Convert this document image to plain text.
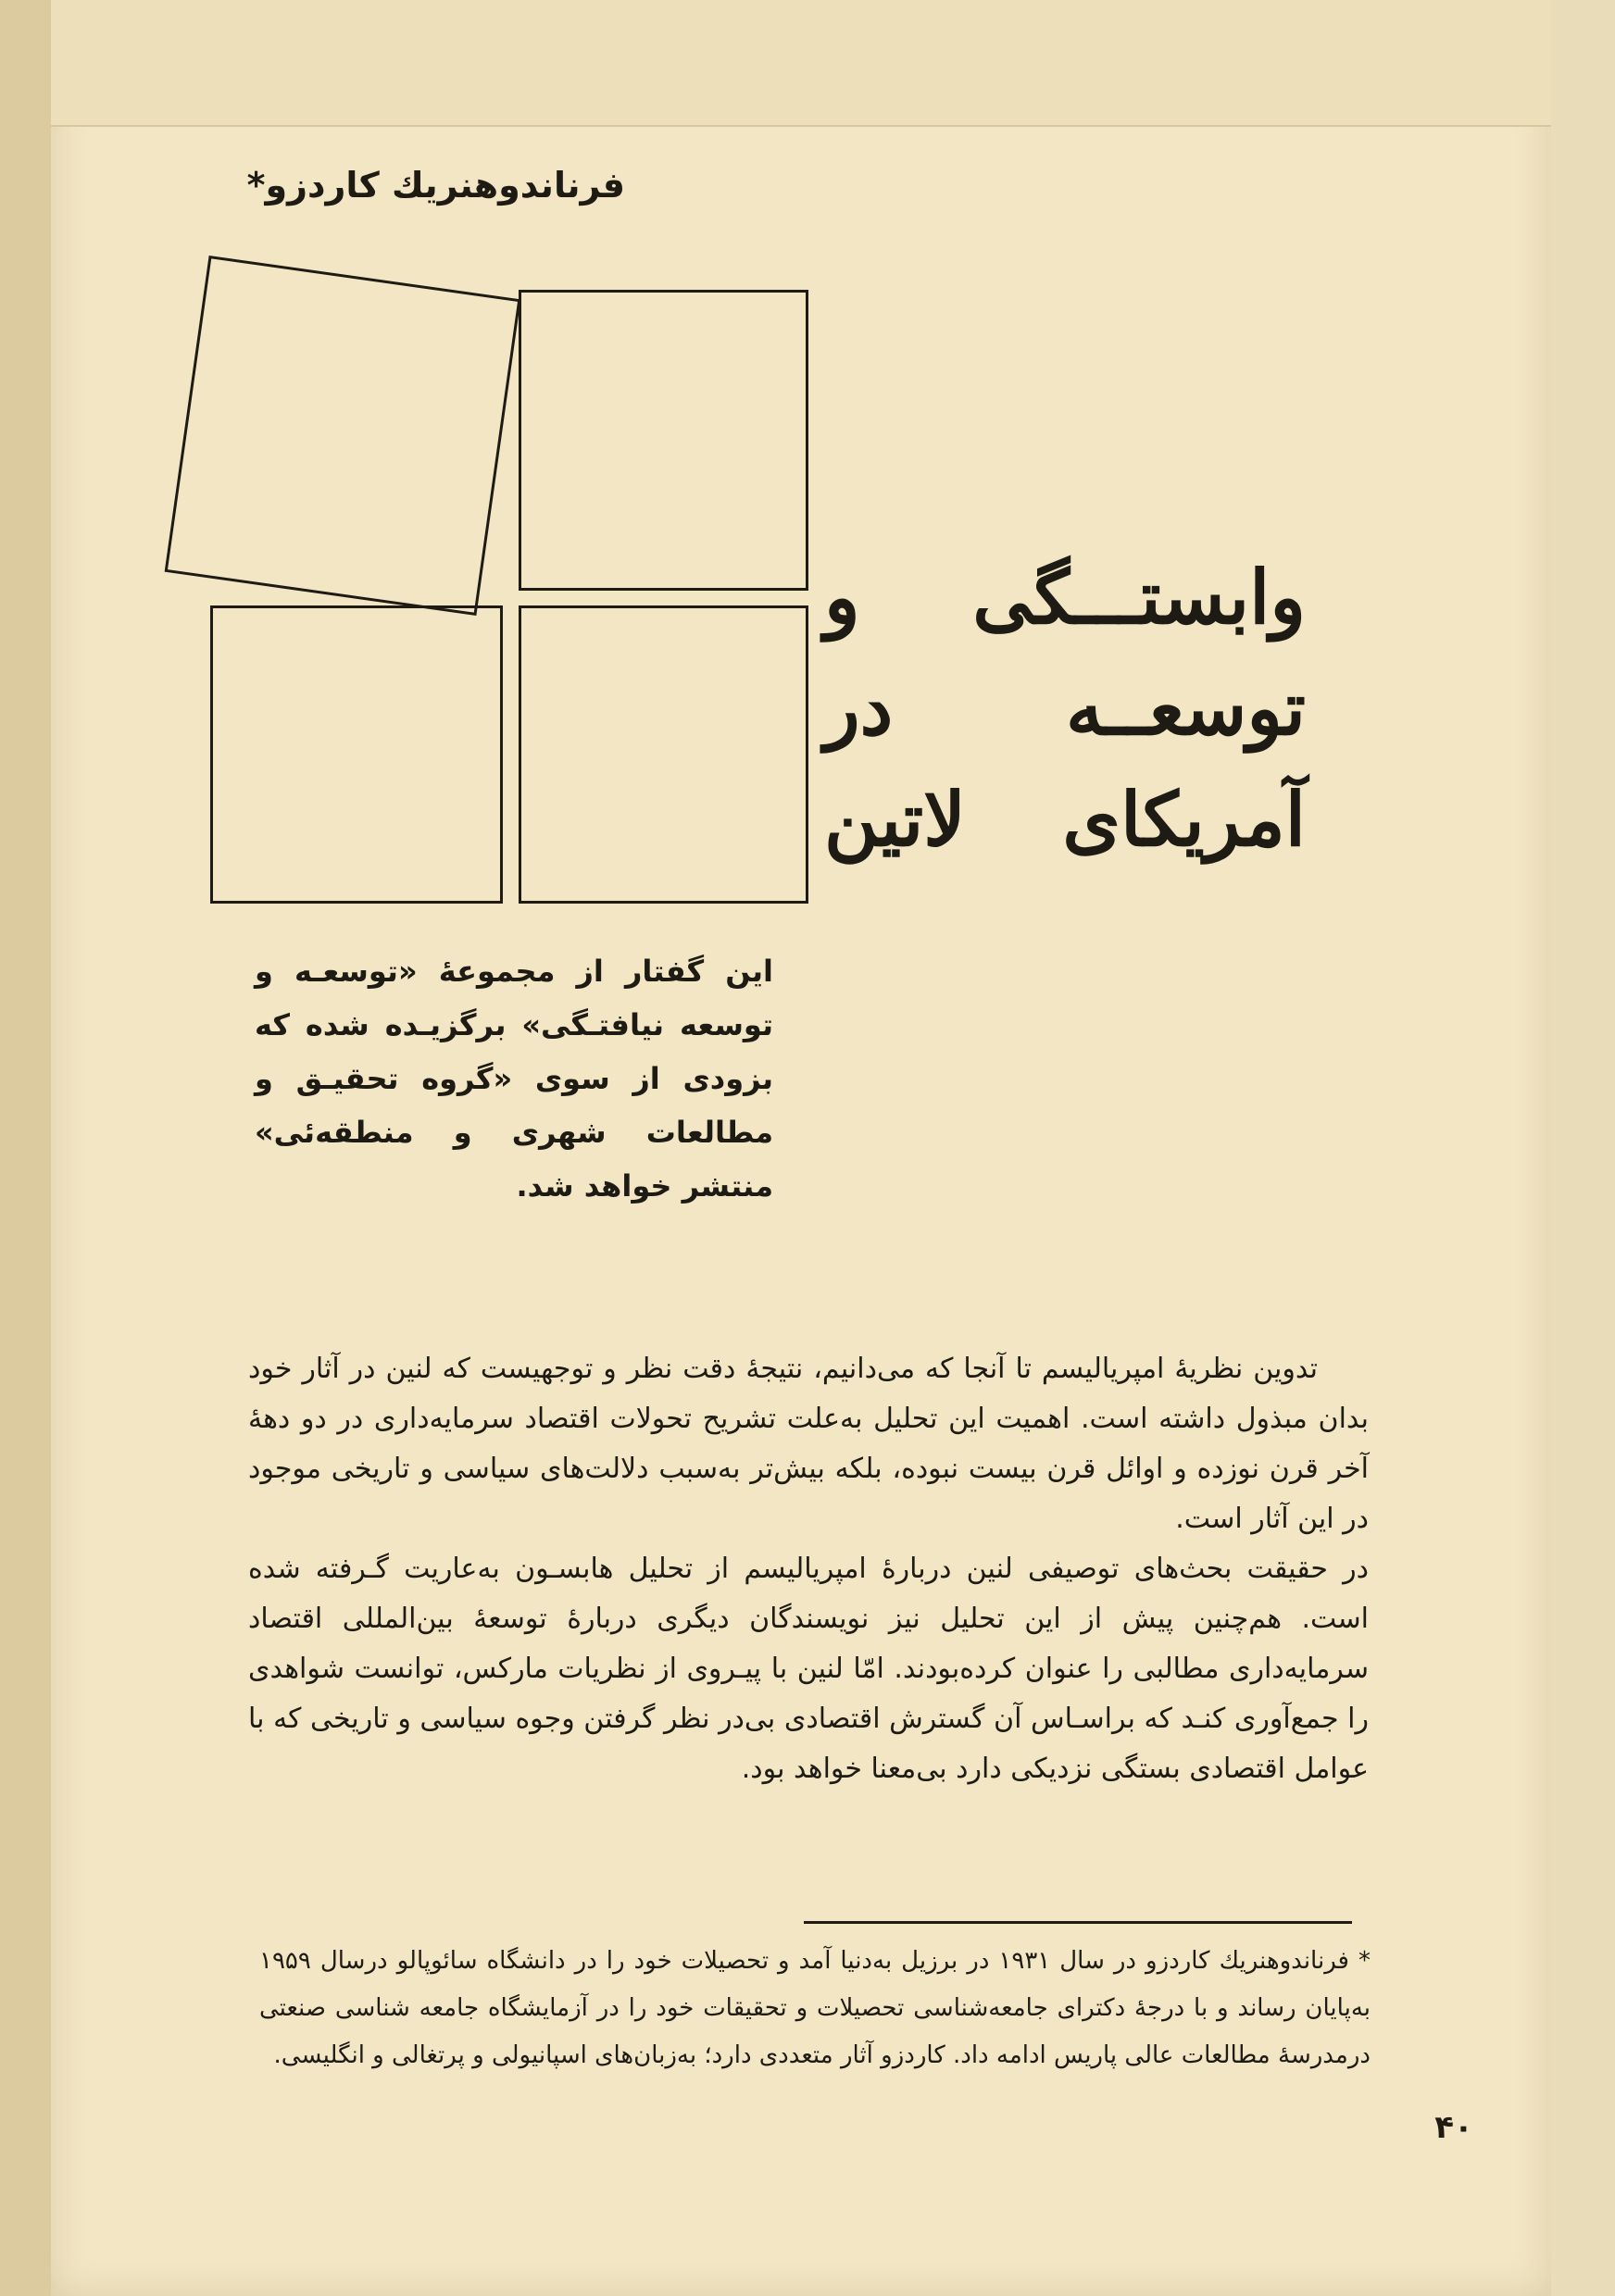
فرناندوهنریك كاردزو*
وابستـــگی و
توسعــه در
آمریکای لاتین

این گفتار از مجموعهٔ «توسعـه و توسعه نیافتـگی» برگزیـده شده که بزودی از سوی «گروه تحقیـق و مطالعات شهری و منطقه‌ئی» منتشر خواهد شد.

تدوین نظریهٔ امپریالیسم تا آنجا که می‌دانیم، نتیجهٔ دقت نظر و توجهیست که لنین در آثار خود بدان مبذول داشته است. اهمیت این تحلیل به‌علت تشریح تحولات اقتصاد سرمایه‌داری در دو دههٔ آخر قرن نوزده و اوائل قرن بیست نبوده، بلکه بیش‌تر به‌سبب دلالت‌های سیاسی و تاریخی موجود در این آثار است.

در حقیقت بحث‌های توصیفی لنین دربارهٔ امپریالیسم از تحلیل هابسـون به‌عاریت گـرفته شده است. هم‌چنین پیش از این تحلیل نیز نویسندگان دیگری دربارهٔ توسعهٔ بین‌المللی اقتصاد سرمایه‌داری مطالبی را عنوان کرده‌بودند. امّا لنین با پیـروی از نظریات مارکس، توانست شواهدی را جمع‌آوری کنـد که براسـاس آن گسترش اقتصادی بی‌در نظر گرفتن وجوه سیاسی و تاریخی که با عوامل اقتصادی بستگی نزدیکی دارد بی‌معنا خواهد بود.

* فرناندوهنریك كاردزو در سال ۱۹۳۱ در برزیل به‌دنیا آمد و تحصیلات خود را در دانشگاه سائوپالو درسال ۱۹۵۹ به‌پایان رساند و با درجهٔ دکترای جامعه‌شناسی تحصیلات و تحقیقات خود را در آزمایشگاه جامعه شناسی صنعتی درمدرسهٔ مطالعات عالی پاریس ادامه داد. کاردزو آثار متعددی دارد؛ به‌زبان‌های اسپانیولی و پرتغالی و انگلیسی.

۴۰
